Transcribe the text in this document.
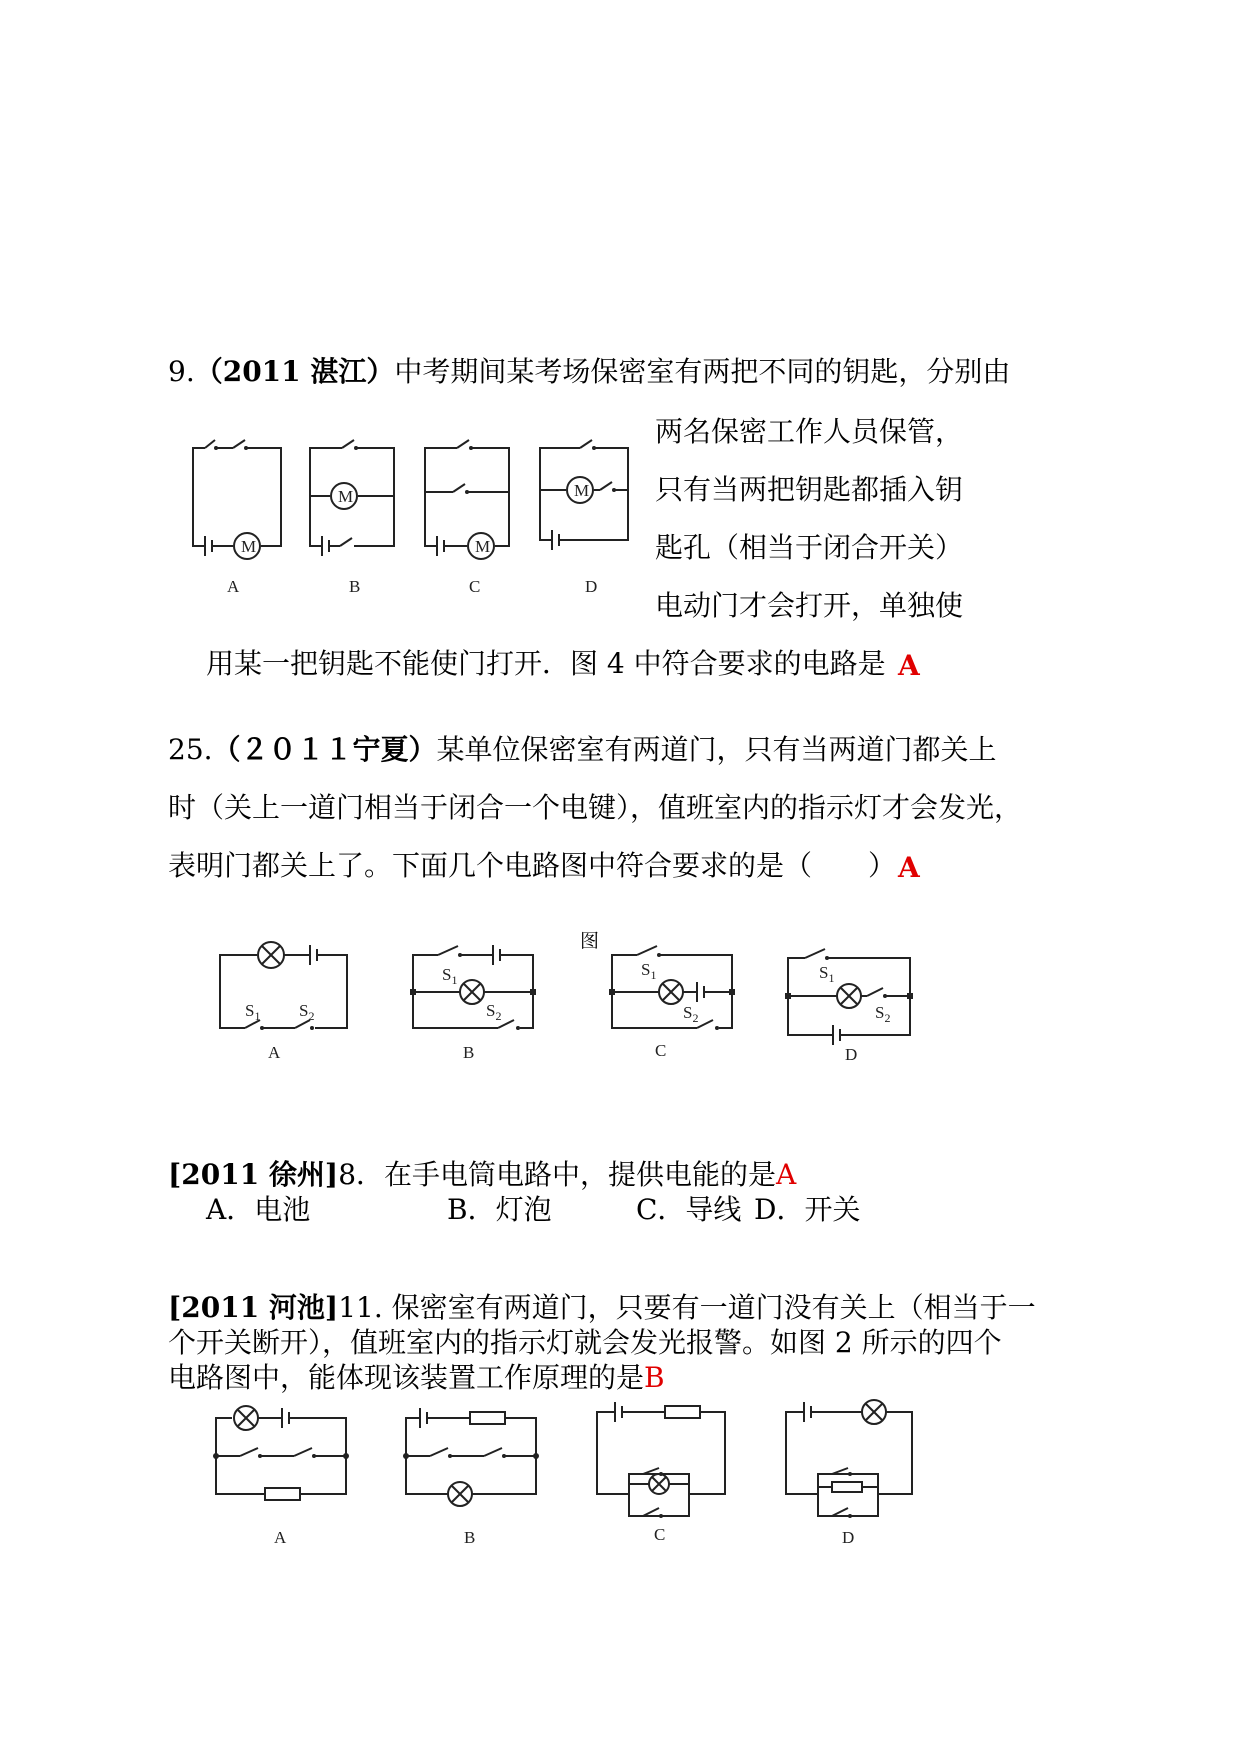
9.（2011 湛江）中考期间某考场保密室有两把不同的钥匙，分别由
两名保密工作人员保管，
只有当两把钥匙都插入钥
匙孔（相当于闭合开关）
电动门才会打开，单独使
用某一把钥匙不能使门打开．图 4 中符合要求的电路是 A
M
M
M
M
A	B	C	D
25.（２０１１宁夏）某单位保密室有两道门，只有当两道门都关上
时（关上一道门相当于闭合一个电键），值班室内的指示灯才会发光，
表明门都关上了。下面几个电路图中符合要求的是（　　） A
图
$S_1$ $S_2$
$S_1$
$S_2$
$S_1$
$S_2$
$S_1$
$S_2$
A	B	C	D
[2011 徐州]8．在手电筒电路中，提供电能的是A
A．电池	B．灯泡	C．导线 D．开关
[2011 河池]11. 保密室有两道门，只要有一道门没有关上（相当于一
个开关断开），值班室内的指示灯就会发光报警。如图 2 所示的四个
电路图中，能体现该装置工作原理的是B
A	B	C	D
